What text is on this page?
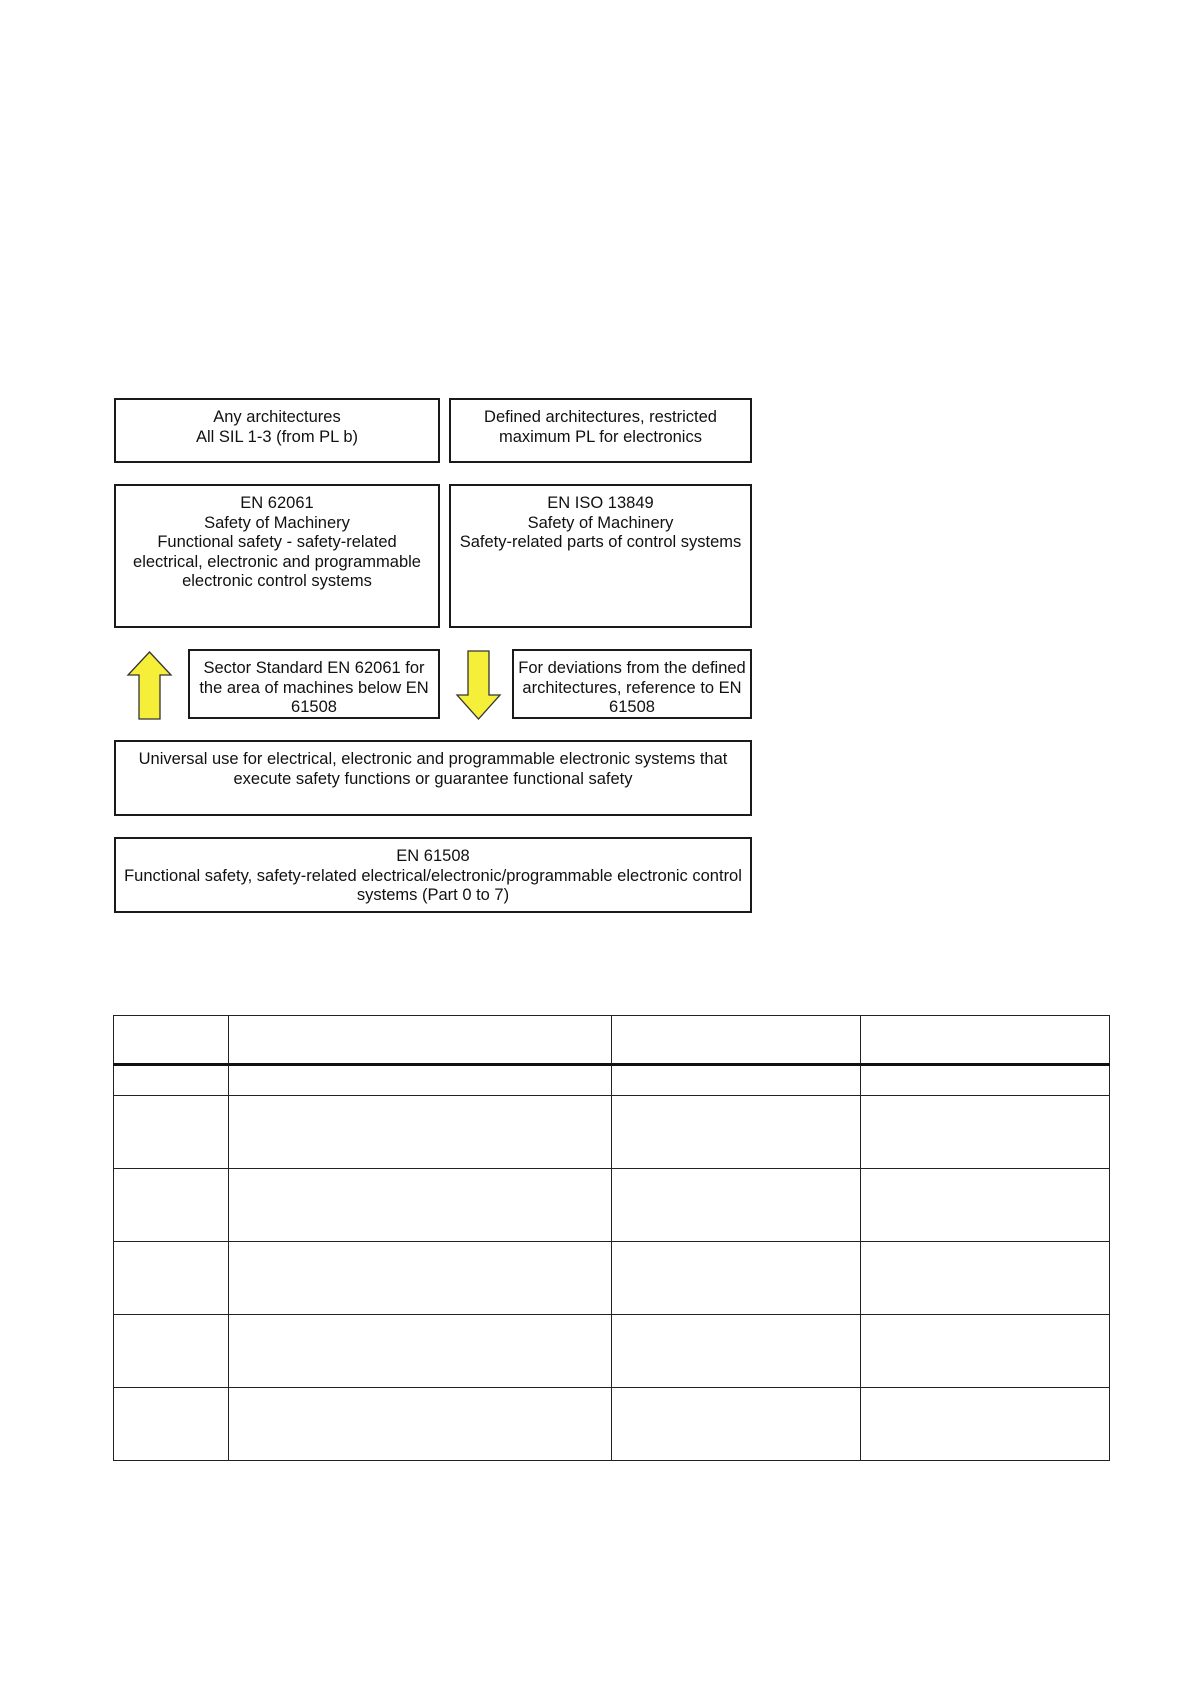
Any architectures
All SIL 1-3 (from PL b)
Defined architectures, restricted
maximum PL for electronics
EN 62061
Safety of Machinery
Functional safety - safety-related
electrical, electronic and programmable
electronic control systems
EN ISO 13849
Safety of Machinery
Safety-related parts of control systems
Sector Standard EN 62061 for the area of machines below EN 61508
For deviations from the defined architectures, reference to EN 61508
Universal use for electrical, electronic and programmable electronic systems that
execute safety functions or guarantee functional safety
EN 61508
Functional safety, safety-related electrical/electronic/programmable electronic control
systems (Part 0 to 7)
